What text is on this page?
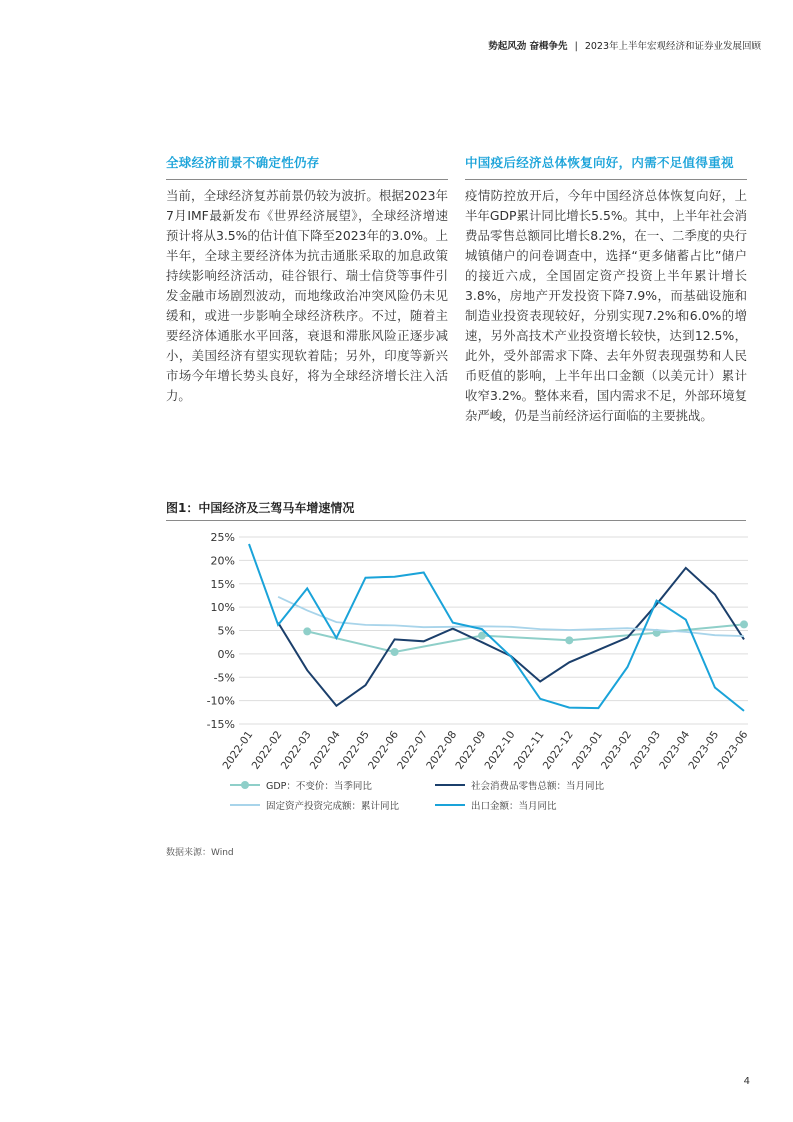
势起风劲 奋楫争先 | 2023年上半年宏观经济和证券业发展回顾
全球经济前景不确定性仍存
当前，全球经济复苏前景仍较为波折。根据2023年7月IMF最新发布《世界经济展望》，全球经济增速预计将从3.5%的估计值下降至2023年的3.0%。上半年，全球主要经济体为抗击通胀采取的加息政策持续影响经济活动，硅谷银行、瑞士信贷等事件引发金融市场剧烈波动，而地缘政治冲突风险仍未见缓和，或进一步影响全球经济秩序。不过，随着主要经济体通胀水平回落，衰退和滞胀风险正逐步减小，美国经济有望实现软着陆；另外，印度等新兴市场今年增长势头良好，将为全球经济增长注入活力。
中国疫后经济总体恢复向好，内需不足值得重视
疫情防控放开后，今年中国经济总体恢复向好，上半年GDP累计同比增长5.5%。其中，上半年社会消费品零售总额同比增长8.2%，在一、二季度的央行城镇储户的问卷调查中，选择“更多储蓄占比”储户的接近六成，全国固定资产投资上半年累计增长3.8%，房地产开发投资下降7.9%，而基础设施和制造业投资表现较好，分别实现7.2%和6.0%的增速，另外高技术产业投资增长较快，达到12.5%，此外，受外部需求下降、去年外贸表现强势和人民币贬值的影响，上半年出口金额（以美元计）累计收窄3.2%。整体来看，国内需求不足，外部环境复杂严峻，仍是当前经济运行面临的主要挑战。
图1：中国经济及三驾马车增速情况
25%
20%
15%
10%
5%
0%
-5%
-10%
-15%
2022-01
2022-02
2022-03
2022-04
2022-05
2022-06
2022-07
2022-08
2022-09
2022-10
2022-11
2022-12
2023-01
2023-02
2023-03
2023-04
2023-05
2023-06
GDP：不变价：当季同比	社会消费品零售总额：当月同比
固定资产投资完成额：累计同比	出口金额：当月同比
数据来源：Wind
4
